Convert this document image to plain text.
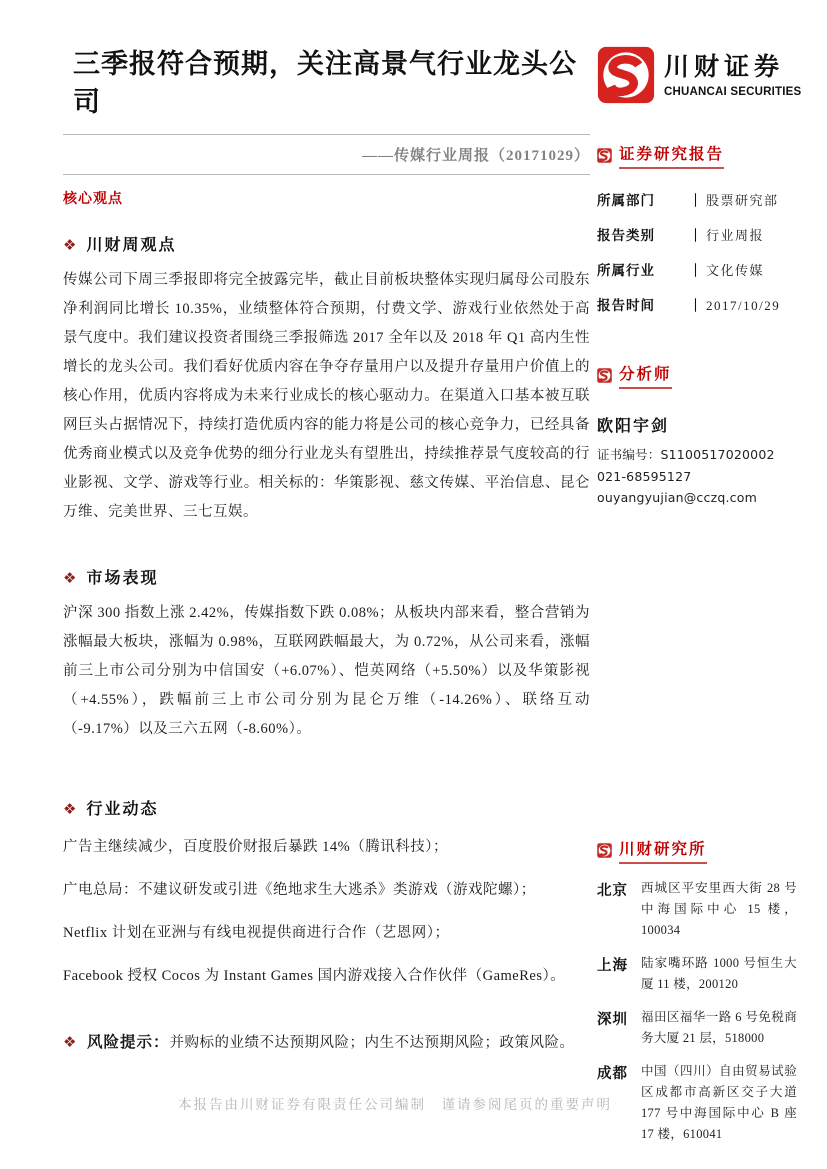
三季报符合预期，关注高景气行业龙头公司
——传媒行业周报（20171029）
核心观点
❖ 川财周观点

传媒公司下周三季报即将完全披露完毕，截止目前板块整体实现归属母公司股东净利润同比增长 10.35%，业绩整体符合预期，付费文学、游戏行业依然处于高景气度中。我们建议投资者围绕三季报筛选 2017 全年以及 2018 年 Q1 高内生性增长的龙头公司。我们看好优质内容在争夺存量用户以及提升存量用户价值上的核心作用，优质内容将成为未来行业成长的核心驱动力。在渠道入口基本被互联网巨头占据情况下，持续打造优质内容的能力将是公司的核心竞争力，已经具备优秀商业模式以及竞争优势的细分行业龙头有望胜出，持续推荐景气度较高的行业影视、文学、游戏等行业。相关标的：华策影视、慈文传媒、平治信息、昆仑万维、完美世界、三七互娱。

❖ 市场表现

沪深 300 指数上涨 2.42%，传媒指数下跌 0.08%；从板块内部来看，整合营销为涨幅最大板块，涨幅为 0.98%，互联网跌幅最大，为 0.72%，从公司来看，涨幅前三上市公司分别为中信国安（+6.07%）、恺英网络（+5.50%）以及华策影视（+4.55%），跌幅前三上市公司分别为昆仑万维（-14.26%）、联络互动（-9.17%）以及三六五网（-8.60%）。

❖ 行业动态

广告主继续减少，百度股价财报后暴跌 14%（腾讯科技）；

广电总局：不建议研发或引进《绝地求生大逃杀》类游戏（游戏陀螺）；

Netflix 计划在亚洲与有线电视提供商进行合作（艺恩网）；

Facebook 授权 Cocos 为 Instant Games 国内游戏接入合作伙伴（GameRes）。

❖ 风险提示：并购标的业绩不达预期风险；内生不达预期风险；政策风险。
川财证券
CHUANCAI SECURITIES
证券研究报告
所属部门	｜ 股票研究部
报告类别	｜ 行业周报
所属行业	｜ 文化传媒
报告时间	｜ 2017/10/29
分析师
欧阳宇剑
证书编号：S1100517020002
021-68595127
ouyangyujian@cczq.com
川财研究所
北京	西城区平安里西大街 28 号中海国际中心 15 楼，100034
上海	陆家嘴环路 1000 号恒生大厦 11 楼，200120
深圳	福田区福华一路 6 号免税商务大厦 21 层，518000
成都	中国（四川）自由贸易试验区成都市高新区交子大道 177 号中海国际中心 B 座 17 楼，610041
本报告由川财证券有限责任公司编制　谨请参阅尾页的重要声明
